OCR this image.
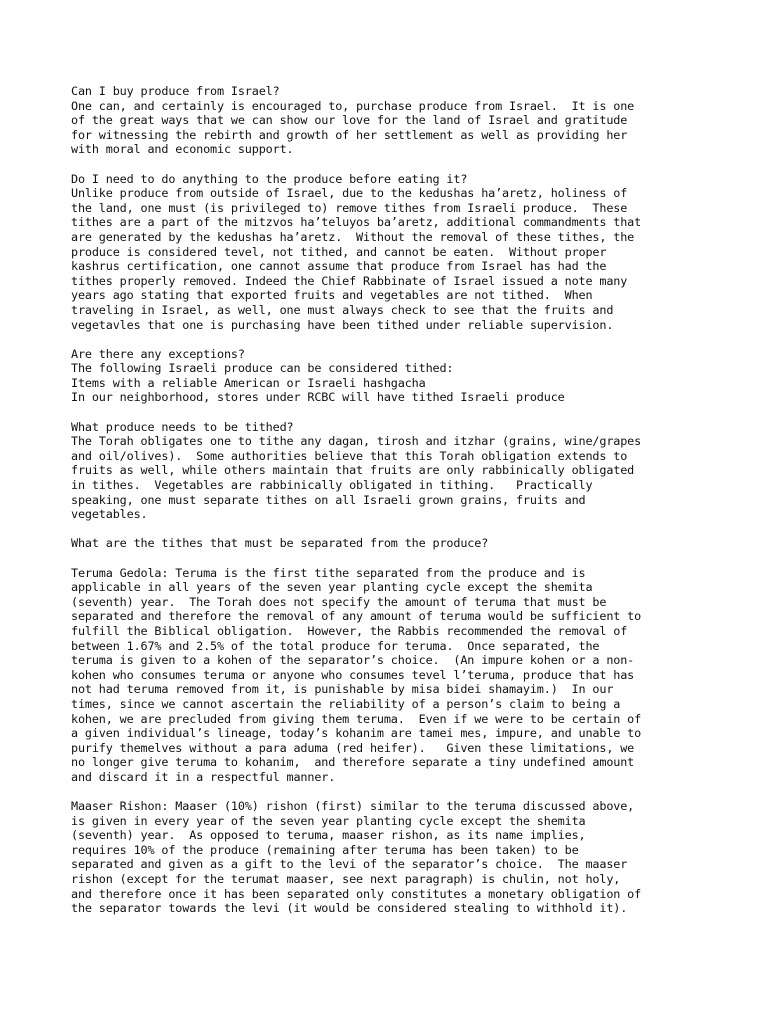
Can I buy produce from Israel?
One can, and certainly is encouraged to, purchase produce from Israel.  It is one
of the great ways that we can show our love for the land of Israel and gratitude
for witnessing the rebirth and growth of her settlement as well as providing her
with moral and economic support.
Do I need to do anything to the produce before eating it?
Unlike produce from outside of Israel, due to the kedushas ha’aretz, holiness of
the land, one must (is privileged to) remove tithes from Israeli produce.  These
tithes are a part of the mitzvos ha’teluyos ba’aretz, additional commandments that
are generated by the kedushas ha’aretz.  Without the removal of these tithes, the
produce is considered tevel, not tithed, and cannot be eaten.  Without proper
kashrus certification, one cannot assume that produce from Israel has had the
tithes properly removed. Indeed the Chief Rabbinate of Israel issued a note many
years ago stating that exported fruits and vegetables are not tithed.  When
traveling in Israel, as well, one must always check to see that the fruits and
vegetavles that one is purchasing have been tithed under reliable supervision.
Are there any exceptions?
The following Israeli produce can be considered tithed:
Items with a reliable American or Israeli hashgacha
In our neighborhood, stores under RCBC will have tithed Israeli produce
What produce needs to be tithed?
The Torah obligates one to tithe any dagan, tirosh and itzhar (grains, wine/grapes
and oil/olives).  Some authorities believe that this Torah obligation extends to
fruits as well, while others maintain that fruits are only rabbinically obligated
in tithes.  Vegetables are rabbinically obligated in tithing.   Practically
speaking, one must separate tithes on all Israeli grown grains, fruits and
vegetables.
What are the tithes that must be separated from the produce?
Teruma Gedola: Teruma is the first tithe separated from the produce and is
applicable in all years of the seven year planting cycle except the shemita
(seventh) year.  The Torah does not specify the amount of teruma that must be
separated and therefore the removal of any amount of teruma would be sufficient to
fulfill the Biblical obligation.  However, the Rabbis recommended the removal of
between 1.67% and 2.5% of the total produce for teruma.  Once separated, the
teruma is given to a kohen of the separator’s choice.  (An impure kohen or a non-
kohen who consumes teruma or anyone who consumes tevel l’teruma, produce that has
not had teruma removed from it, is punishable by misa bidei shamayim.)  In our
times, since we cannot ascertain the reliability of a person’s claim to being a
kohen, we are precluded from giving them teruma.  Even if we were to be certain of
a given individual’s lineage, today’s kohanim are tamei mes, impure, and unable to
purify themelves without a para aduma (red heifer).   Given these limitations, we
no longer give teruma to kohanim,  and therefore separate a tiny undefined amount
and discard it in a respectful manner.
Maaser Rishon: Maaser (10%) rishon (first) similar to the teruma discussed above,
is given in every year of the seven year planting cycle except the shemita
(seventh) year.  As opposed to teruma, maaser rishon, as its name implies,
requires 10% of the produce (remaining after teruma has been taken) to be
separated and given as a gift to the levi of the separator’s choice.  The maaser
rishon (except for the terumat maaser, see next paragraph) is chulin, not holy,
and therefore once it has been separated only constitutes a monetary obligation of
the separator towards the levi (it would be considered stealing to withhold it).
